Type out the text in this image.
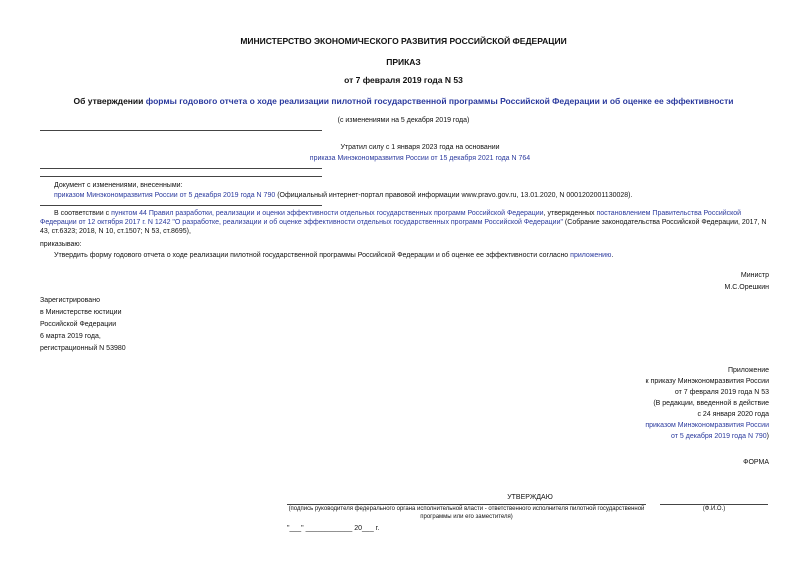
МИНИСТЕРСТВО ЭКОНОМИЧЕСКОГО РАЗВИТИЯ РОССИЙСКОЙ ФЕДЕРАЦИИ
ПРИКАЗ
от 7 февраля 2019 года N 53
Об утверждении формы годового отчета о ходе реализации пилотной государственной программы Российской Федерации и об оценке ее эффективности
(с изменениями на 5 декабря 2019 года)
Утратил силу с 1 января 2023 года на основании
приказа Минэкономразвития России от 15 декабря 2021 года N 764
Документ с изменениями, внесенными:
приказом Минэкономразвития России от 5 декабря 2019 года N 790 (Официальный интернет-портал правовой информации www.pravo.gov.ru, 13.01.2020, N 0001202001130028).
В соответствии с пунктом 44 Правил разработки, реализации и оценки эффективности отдельных государственных программ Российской Федерации, утвержденных постановлением Правительства Российской Федерации от 12 октября 2017 г. N 1242 "О разработке, реализации и об оценке эффективности отдельных государственных программ Российской Федерации" (Собрание законодательства Российской Федерации, 2017, N 43, ст.6323; 2018, N 10, ст.1507; N 53, ст.8695),
приказываю:
Утвердить форму годового отчета о ходе реализации пилотной государственной программы Российской Федерации и об оценке ее эффективности согласно приложению.
Министр
М.С.Орешкин
Зарегистрировано
в Министерстве юстиции
Российской Федерации
6 марта 2019 года,
регистрационный N 53980
Приложение
к приказу Минэкономразвития России
от 7 февраля 2019 года N 53
(В редакции, введенной в действие
с 24 января 2020 года
приказом Минэкономразвития России
от 5 декабря 2019 года N 790)
ФОРМА
УТВЕРЖДАЮ
(подпись руководителя федерального органа исполнительной власти - ответственного исполнителя пилотной государственной программы или его заместителя)
(Ф.И.О.)
"___" ____________ 20___ г.
